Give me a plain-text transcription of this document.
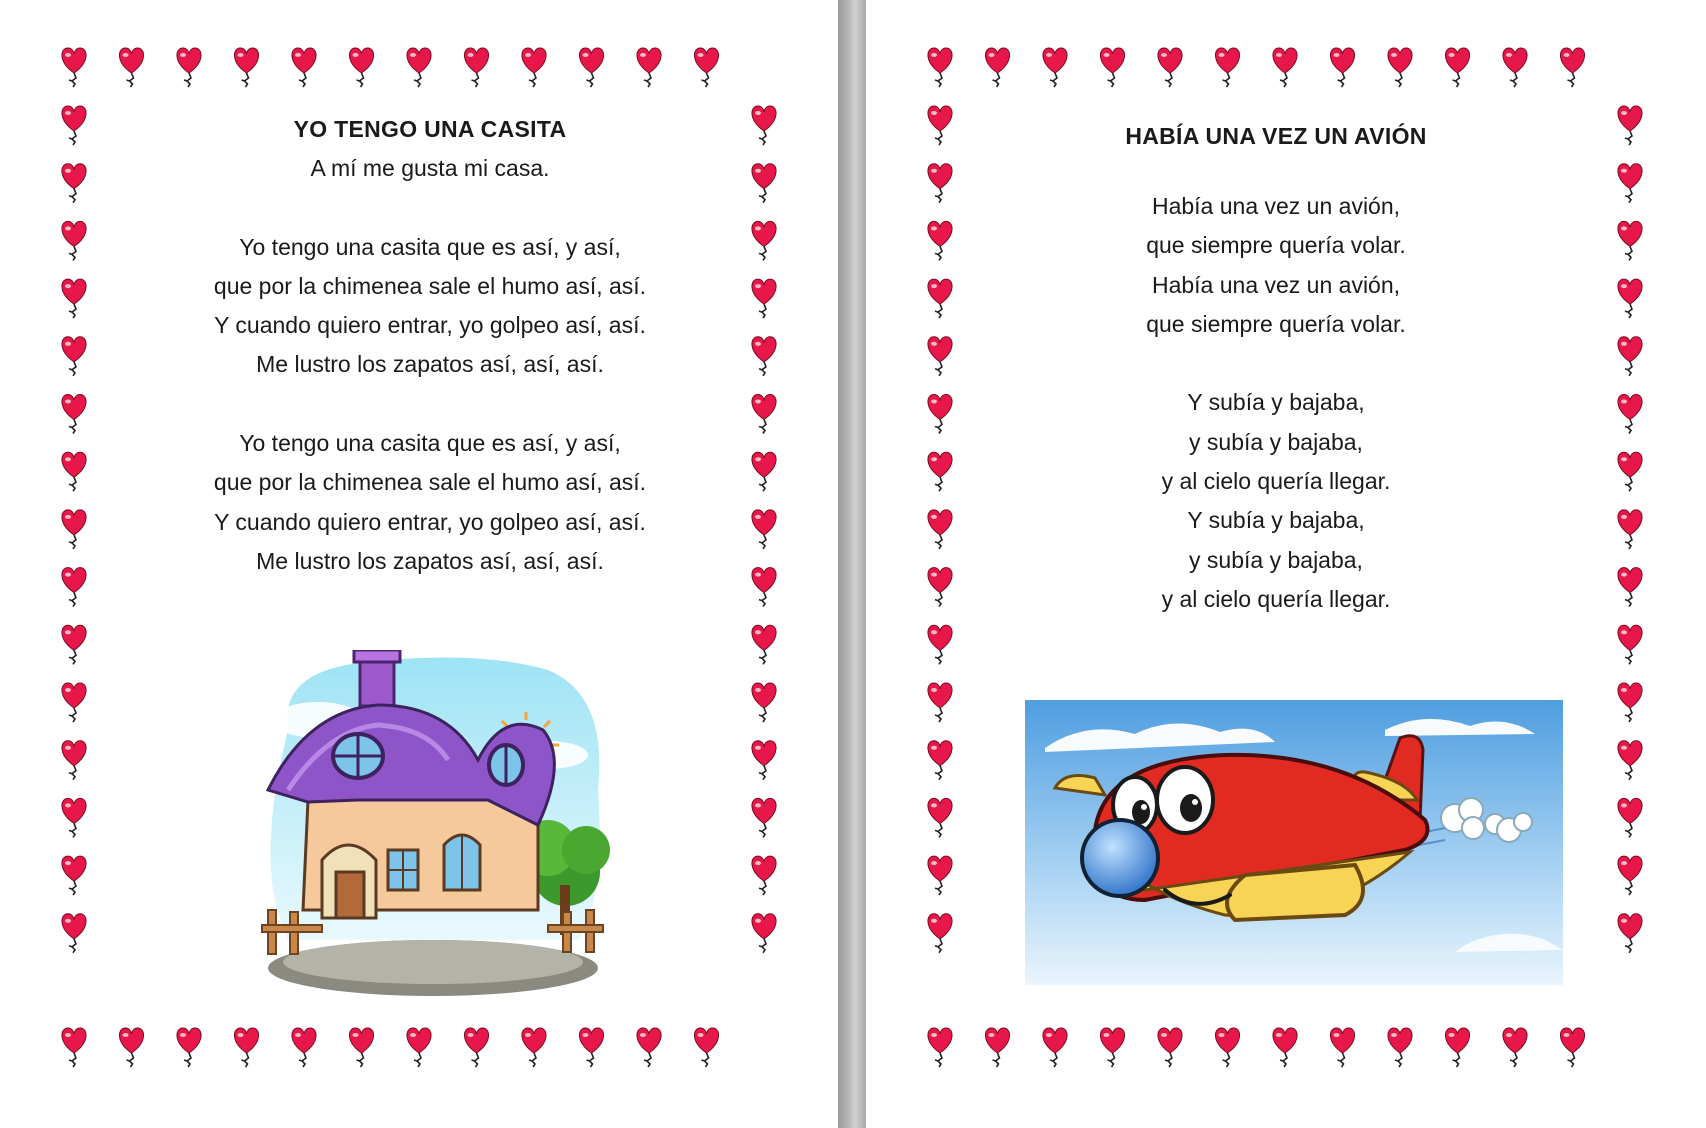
YO TENGO UNA CASITA
A mí me gusta mi casa.
Yo tengo una casita que es así, y así,
que por la chimenea sale el humo así, así.
Y cuando quiero entrar, yo golpeo así, así.
Me lustro los zapatos así, así, así.
Yo tengo una casita que es así, y así,
que por la chimenea sale el humo así, así.
Y cuando quiero entrar, yo golpeo así, así.
Me lustro los zapatos así, así, así.
HABÍA UNA VEZ UN AVIÓN
Había una vez un avión,
que siempre quería volar.
Había una vez un avión,
que siempre quería volar.
Y subía y bajaba,
y subía y bajaba,
y al cielo quería llegar.
Y subía y bajaba,
y subía y bajaba,
y al cielo quería llegar.
